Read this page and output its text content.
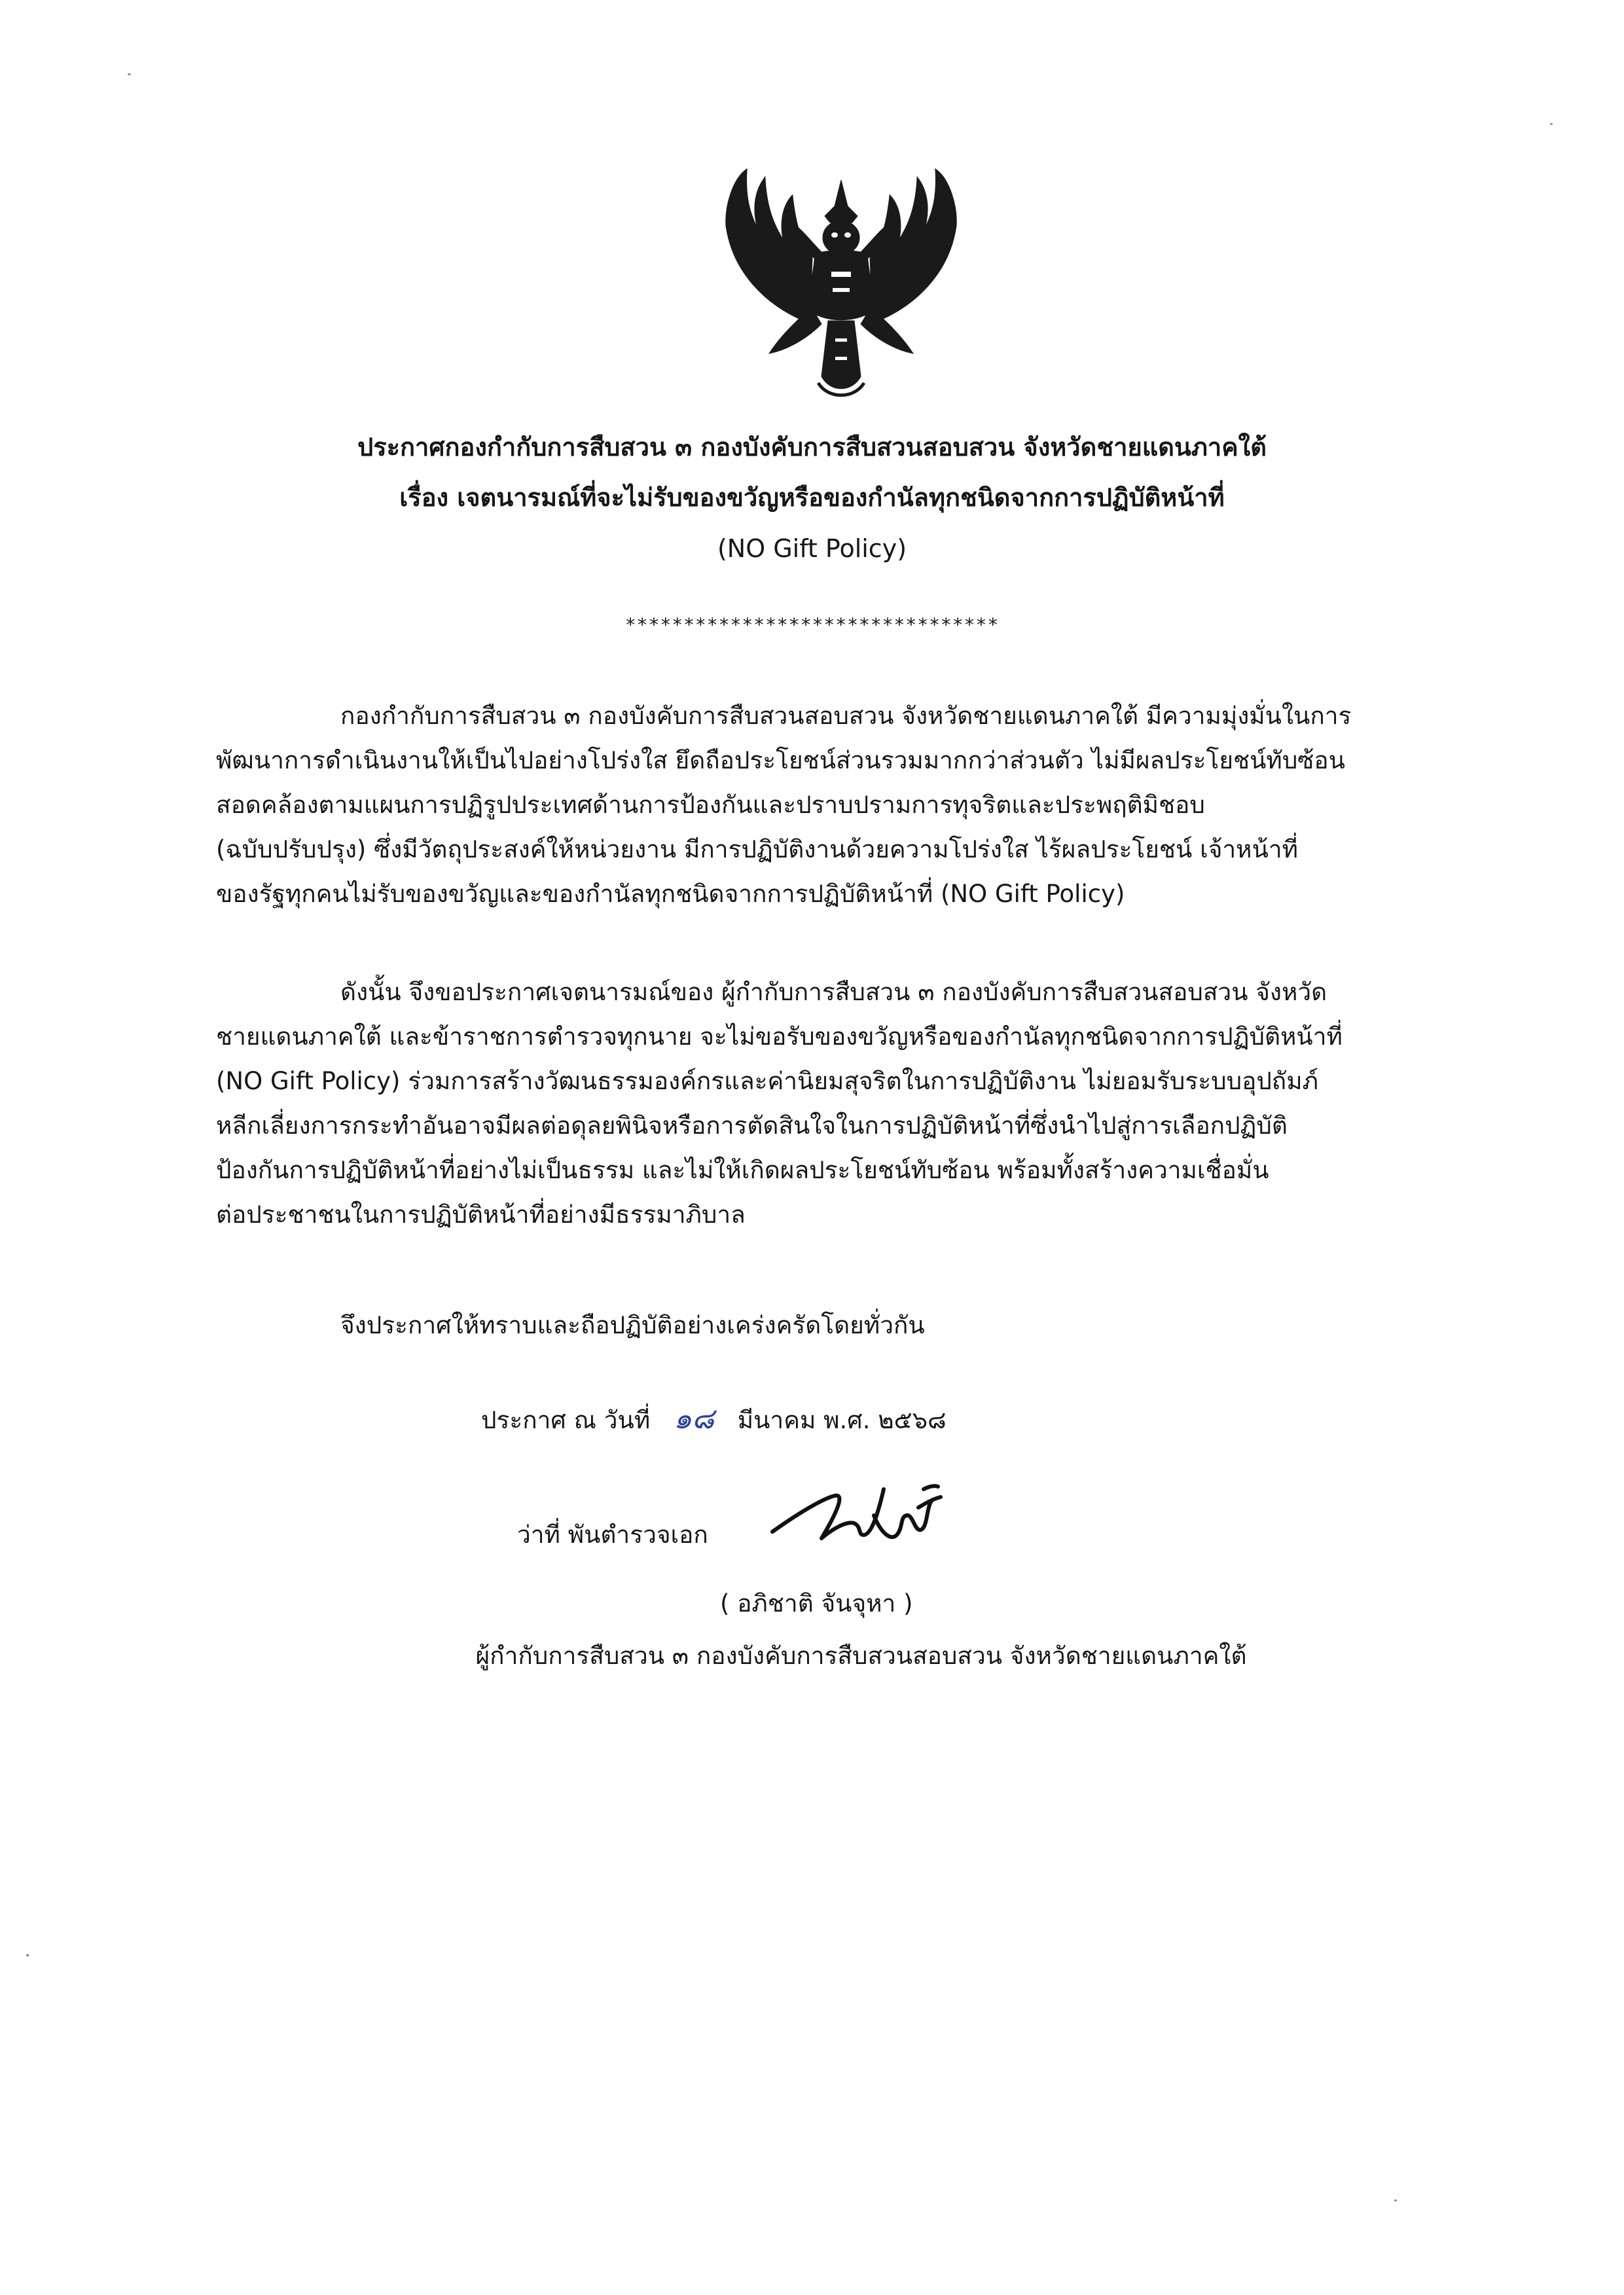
ประกาศกองกำกับการสืบสวน ๓ กองบังคับการสืบสวนสอบสวน จังหวัดชายแดนภาคใต้
เรื่อง เจตนารมณ์ที่จะไม่รับของขวัญหรือของกำนัลทุกชนิดจากการปฏิบัติหน้าที่
(NO Gift Policy)
********************************
กองกำกับการสืบสวน ๓ กองบังคับการสืบสวนสอบสวน จังหวัดชายแดนภาคใต้ มีความมุ่งมั่นในการ
พัฒนาการดำเนินงานให้เป็นไปอย่างโปร่งใส ยึดถือประโยชน์ส่วนรวมมากกว่าส่วนตัว ไม่มีผลประโยชน์ทับซ้อน
สอดคล้องตามแผนการปฏิรูปประเทศด้านการป้องกันและปราบปรามการทุจริตและประพฤติมิชอบ
(ฉบับปรับปรุง) ซึ่งมีวัตถุประสงค์ให้หน่วยงาน มีการปฏิบัติงานด้วยความโปร่งใส ไร้ผลประโยชน์ เจ้าหน้าที่
ของรัฐทุกคนไม่รับของขวัญและของกำนัลทุกชนิดจากการปฏิบัติหน้าที่ (NO Gift Policy)
ดังนั้น จึงขอประกาศเจตนารมณ์ของ ผู้กำกับการสืบสวน ๓ กองบังคับการสืบสวนสอบสวน จังหวัด
ชายแดนภาคใต้ และข้าราชการตำรวจทุกนาย จะไม่ขอรับของขวัญหรือของกำนัลทุกชนิดจากการปฏิบัติหน้าที่
(NO Gift Policy) ร่วมการสร้างวัฒนธรรมองค์กรและค่านิยมสุจริตในการปฏิบัติงาน ไม่ยอมรับระบบอุปถัมภ์
หลีกเลี่ยงการกระทำอันอาจมีผลต่อดุลยพินิจหรือการตัดสินใจในการปฏิบัติหน้าที่ซึ่งนำไปสู่การเลือกปฏิบัติ
ป้องกันการปฏิบัติหน้าที่อย่างไม่เป็นธรรม และไม่ให้เกิดผลประโยชน์ทับซ้อน พร้อมทั้งสร้างความเชื่อมั่น
ต่อประชาชนในการปฏิบัติหน้าที่อย่างมีธรรมาภิบาล
จึงประกาศให้ทราบและถือปฏิบัติอย่างเคร่งครัดโดยทั่วกัน
ประกาศ ณ วันที่ ๑๘ มีนาคม พ.ศ. ๒๕๖๘
ว่าที่ พันตำรวจเอก
( อภิชาติ จันจุหา )
ผู้กำกับการสืบสวน ๓ กองบังคับการสืบสวนสอบสวน จังหวัดชายแดนภาคใต้
